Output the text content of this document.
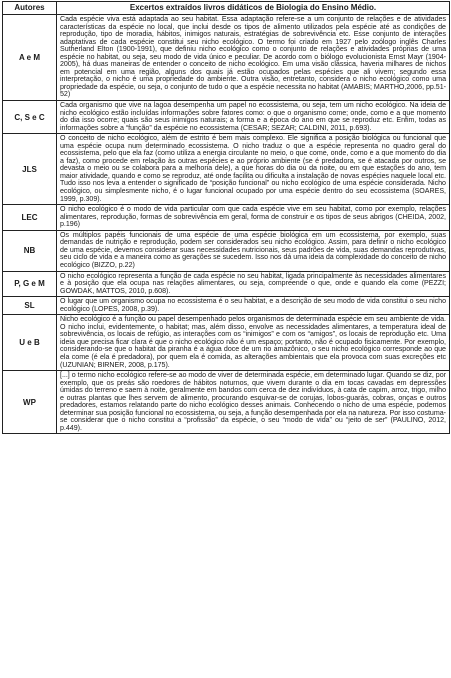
Autores	Excertos extraídos livros didáticos de Biologia do Ensino Médio.
A e M	Cada espécie viva está adaptada ao seu habitat. Essa adaptação refere-se a um conjunto de relações e de atividades características da espécie no local, que inclui desde os tipos de alimento utilizados pela espécie até as condições de reprodução, tipo de moradia, hábitos, inimigos naturais, estratégias de sobrevivência etc. Esse conjunto de interações adaptativas de cada espécie constitui seu nicho ecológico. O termo foi criado em 1927 pelo zoólogo inglês Charles Sutherland Elton (1900-1991), que definiu nicho ecológico como o conjunto de relações e atividades próprias de uma espécie no habitat, ou seja, seu modo de vida único e peculiar. De acordo com o biólogo evolucionista Ernst Mayr (1904-2005), há duas maneiras de entender o conceito de nicho ecológico. Em uma visão clássica, haveria milhares de nichos em potencial em uma região, alguns dos quais já estão ocupados pelas espécies que ali vivem; segundo essa interpretação, o nicho é uma propriedade do ambiente. Outra visão, entretanto, considera o nicho ecológico como uma propriedade da espécie, ou seja, o conjunto de tudo o que a espécie necessita no habitat (AMABIS; MARTHO,2006, pp.51-52)
C, S e C	Cada organismo que vive na lagoa desempenha um papel no ecossistema, ou seja, tem um nicho ecológico. Na ideia de nicho ecológico estão incluídas informações sobre fatores como: o que o organismo come; onde, como e a que momento do dia isso ocorre; quais são seus inimigos naturais; a forma e a época do ano em que se reproduz etc. Enfim, todas as informações sobre a “função” da espécie no ecossistema (CESAR; SEZAR; CALDINI, 2011, p.693).
JLS	O conceito de nicho ecológico, além de estrito é bem mais complexo. Ele significa a posição biológica ou funcional que uma espécie ocupa num determinado ecossistema. O nicho traduz o que a espécie representa no quadro geral do ecossistema, pelo que ela faz (como utiliza a energia circulante no meio, o que come, onde, como e a que momento do dia a faz), como procede em relação às outras espécies e ao próprio ambiente (se é predadora, se é atacada por outros, se devasta o meio ou se colabora para a melhoria dele), a que horas do dia ou da noite, ou em que estações do ano, tem maior atividade, quando e como se reproduz, até onde facilita ou dificulta a instalação de novas espécies naquele local etc. Tudo isso nos leva a entender o significado de “posição funcional” ou nicho ecológico de uma espécie considerada. Nicho ecológico, ou simplesmente nicho, é o lugar funcional ocupado por uma espécie dentro do seu ecossistema (SOARES, 1999, p.309).
LEC	O nicho ecológico é o modo de vida particular com que cada espécie vive em seu habitat, como por exemplo, relações alimentares, reprodução, formas de sobrevivência em geral, forma de construir e os tipos de seus abrigos (CHEIDA, 2002, p.196)
NB	Os múltiplos papéis funcionais de uma espécie de uma espécie biológica em um ecossistema, por exemplo, suas demandas de nutrição e reprodução, podem ser considerados seu nicho ecológico. Assim, para definir o nicho ecológico de uma espécie, devemos considerar suas necessidades nutricionais, seus padrões de vida, suas demandas reprodutivas, seu ciclo de vida e a maneira como as gerações se sucedem. Isso nos dá uma ideia da complexidade do conceito de nicho ecológico (BIZZO, p.22)
P, G e M	O nicho ecológico representa a função de cada espécie no seu habitat, ligada principalmente às necessidades alimentares e à posição que ela ocupa nas relações alimentares, ou seja, compreende o que, onde e quando ela come (PEZZI; GOWDAK, MATTOS, 2010, p.608).
SL	O lugar que um organismo ocupa no ecossistema é o seu habitat, e a descrição de seu modo de vida constitui o seu nicho ecológico (LOPES, 2008, p.39).
U e B	Nicho ecológico é a função ou papel desempenhado pelos organismos de determinada espécie em seu ambiente de vida. O nicho inclui, evidentemente, o habitat; mas, além disso, envolve as necessidades alimentares, a temperatura ideal de sobrevivência, os locais de refúgio, as interações com os “inimigos” e com os “amigos”, os locais de reprodução etc. Uma ideia que precisa ficar clara é que o nicho ecológico não é um espaço; portanto, não é ocupado fisicamente. Por exemplo, considerando-se que o habitat da piranha é a água doce de um rio amazônico, o seu nicho ecológico corresponde ao que ela come (é ela é predadora), por quem ela é comida, as alterações ambientais que ela provoca com suas excreções etc (UZUNIAN; BIRNER, 2008, p.175).
WP	[...] o termo nicho ecológico refere-se ao modo de viver de determinada espécie, em determinado lugar. Quando se diz, por exemplo, que os preás são roedores de hábitos noturnos, que vivem durante o dia em tocas cavadas em depressões úmidas do terreno e saem à noite, geralmente em bandos com cerca de dez indivíduos, à cata de capim, arroz, trigo, milho e outras plantas que lhes servem de alimento, procurando esquivar-se de corujas, lobos-guarás, cobras, onças e outros predadores, estamos relatando parte do nicho ecológico desses animais. Conhecendo o nicho de uma espécie, podemos determinar sua posição funcional no ecossistema, ou seja, a função desempenhada por ela na natureza. Por isso costuma-se considerar que o nicho constitui a “profissão” da espécie, o seu “modo de vida” ou “jeito de ser” (PAULINO, 2012, p.449).
